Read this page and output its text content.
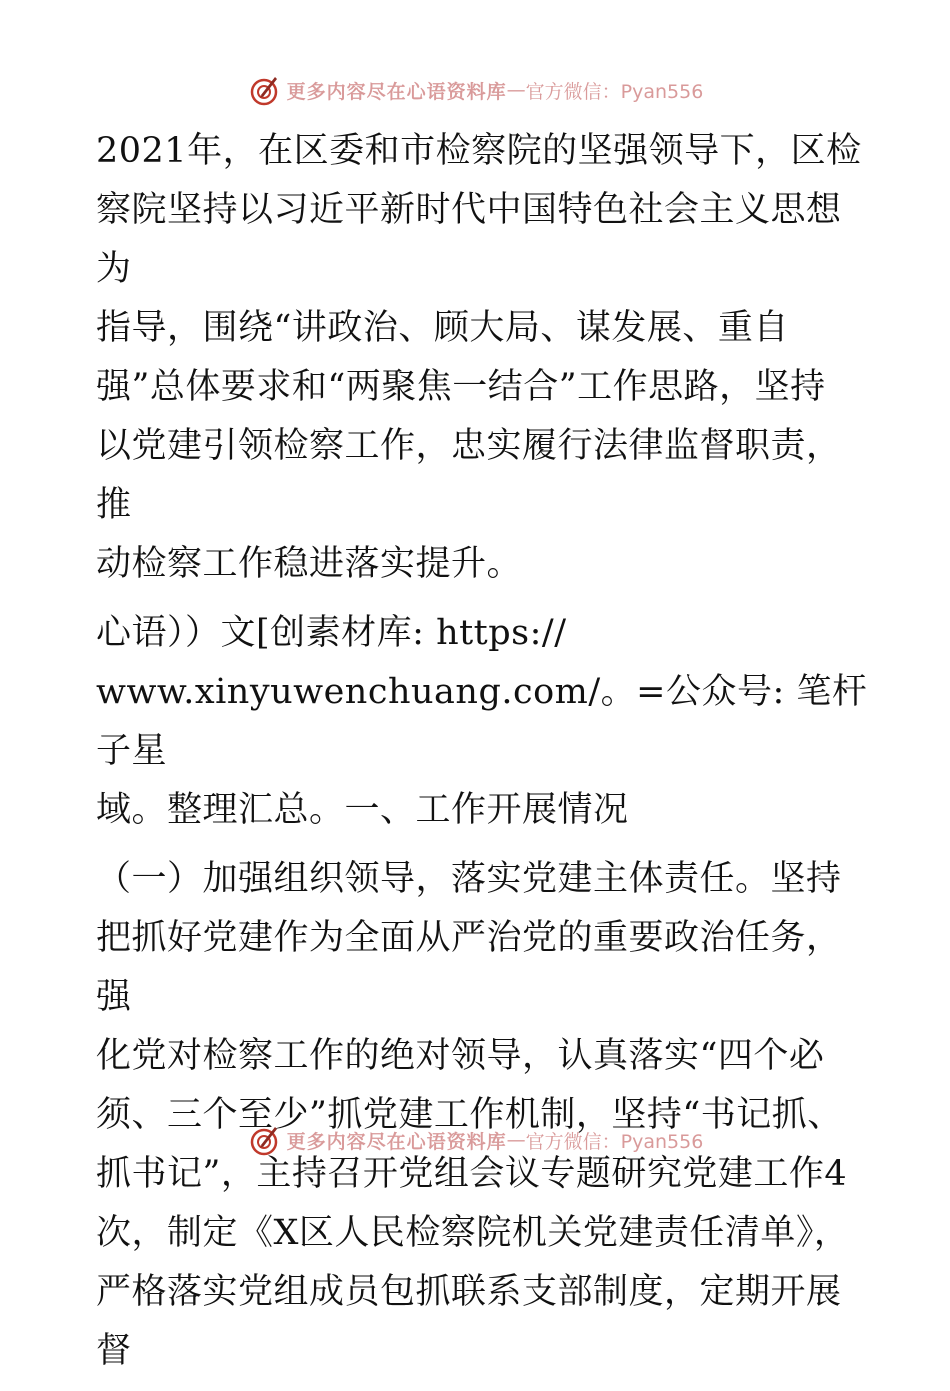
更多内容尽在心语资料库 — 官方微信：Pyan556

2021年，在区委和市检察院的坚强领导下，区检
察院坚持以习近平新时代中国特色社会主义思想为
指导，围绕“讲政治、顾大局、谋发展、重自
强”总体要求和“两聚焦一结合”工作思路，坚持
以党建引领检察工作，忠实履行法律监督职责，推
动检察工作稳进落实提升。

心语））文[创素材库: https://
www.xinyuwenchuang.com/。=公众号: 笔杆子星
域。整理汇总。一、工作开展情况

（一）加强组织领导，落实党建主体责任。坚持
把抓好党建作为全面从严治党的重要政治任务，强
化党对检察工作的绝对领导，认真落实“四个必
须、三个至少”抓党建工作机制，坚持“书记抓、
抓书记”，主持召开党组会议专题研究党建工作4
次，制定《X区人民检察院机关党建责任清单》，
严格落实党组成员包抓联系支部制度，定期开展督

更多内容尽在心语资料库 — 官方微信：Pyan556
